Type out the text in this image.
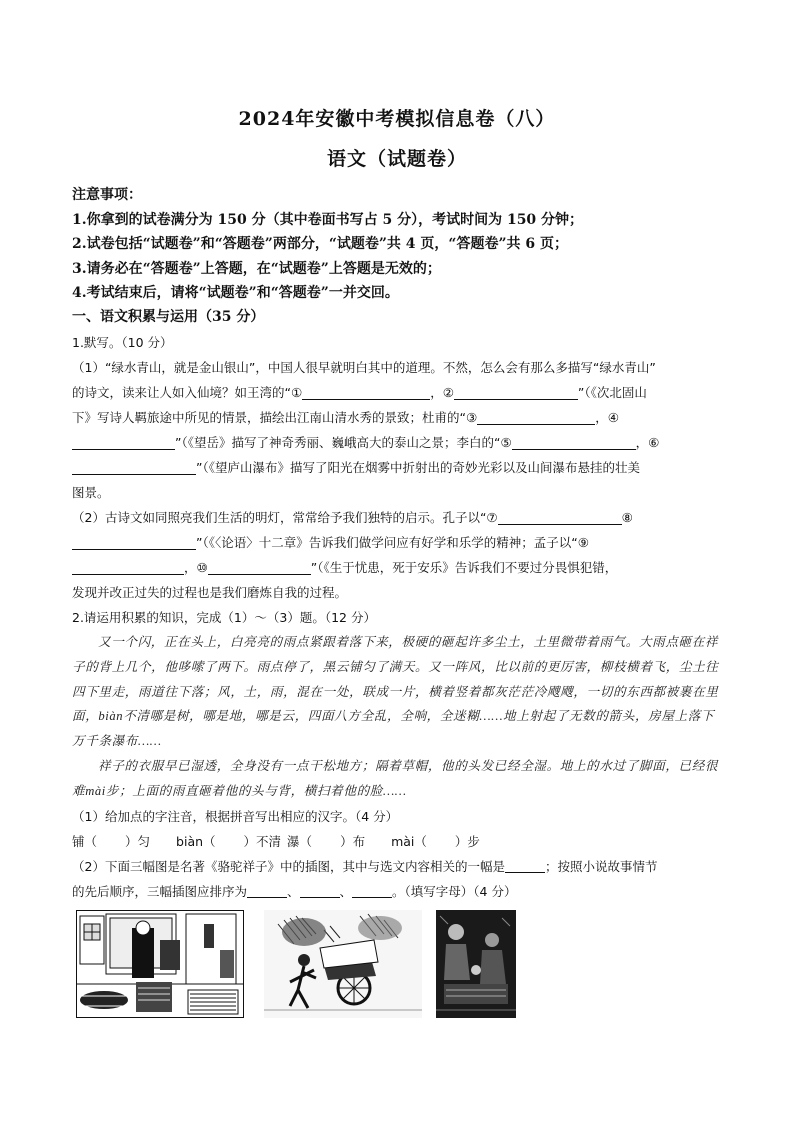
2024年安徽中考模拟信息卷（八）
语文（试题卷）
注意事项：
1.你拿到的试卷满分为 150 分（其中卷面书写占 5 分），考试时间为 150 分钟；
2.试卷包括“试题卷”和“答题卷”两部分，“试题卷”共 4 页，“答题卷”共 6 页；
3.请务必在“答题卷”上答题，在“试题卷”上答题是无效的；
4.考试结束后，请将“试题卷”和“答题卷”一并交回。
一、语文积累与运用（35 分）

1.默写。（10 分）

（1）“绿水青山，就是金山银山”，中国人很早就明白其中的道理。不然，怎么会有那么多描写“绿水青山”

的诗文，读来让人如入仙境？如王湾的“①	，②	”（《次北固山

下》写诗人羁旅途中所见的情景，描绘出江南山清水秀的景致；杜甫的“③	，④

”（《望岳》描写了神奇秀丽、巍峨高大的泰山之景；李白的“⑤	，⑥

”（《望庐山瀑布》描写了阳光在烟雾中折射出的奇妙光彩以及山间瀑布悬挂的壮美

图景。

（2）古诗文如同照亮我们生活的明灯，常常给予我们独特的启示。孔子以“⑦	⑧

”（《〈论语〉十二章》告诉我们做学问应有好学和乐学的精神；孟子以“⑨

，⑩	”（《生于忧患，死于安乐》告诉我们不要过分畏惧犯错，

发现并改正过失的过程也是我们磨炼自我的过程。

2.请运用积累的知识，完成（1）～（3）题。（12 分）

又一个闪，正在头上，白亮亮的雨点紧跟着落下来，极硬的砸起许多尘土，土里微带着雨气。大雨点砸在祥子的背上几个，他哆嗦了两下。雨点停了，黑云铺匀了满天。又一阵风，比以前的更厉害，柳枝横着飞，尘土往四下里走，雨道往下落；风，土，雨，混在一处，联成一片，横着竖着都灰茫茫冷飕飕，一切的东西都被裹在里面，biàn不清哪是树，哪是地，哪是云，四面八方全乱，全响，全迷糊……地上射起了无数的箭头，房屋上落下万千条瀑布……

祥子的衣服早已湿透，全身没有一点干松地方；隔着草帽，他的头发已经全湿。地上的水过了脚面，已经很难mài步；上面的雨直砸着他的头与背，横扫着他的脸……

（1）给加点的字注音，根据拼音写出相应的汉字。（4 分）

铺（ ）匀 biàn（ ）不清 瀑（ ）布 mài（ ）步

（2）下面三幅图是名著《骆驼祥子》中的插图，其中与选文内容相关的一幅是	；按照小说故事情节

的先后顺序，三幅插图应排序为	、	、	。（填写字母）（4 分）
